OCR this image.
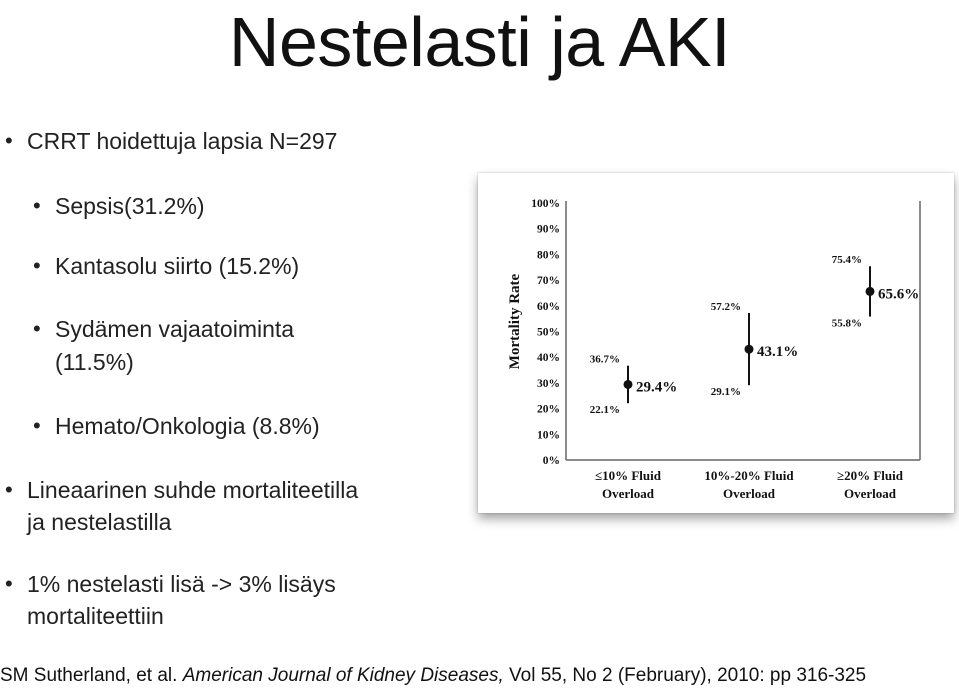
Nestelasti ja AKI
• CRRT hoidettuja lapsia N=297
• Sepsis(31.2%)
• Kantasolu siirto (15.2%)
• Sydämen vajaatoiminta
(11.5%)
• Hemato/Onkologia (8.8%)
• Lineaarinen suhde mortaliteetilla
ja nestelastilla
• 1% nestelasti lisä -> 3% lisäys
mortaliteettiin
0%
10%
20%
30%
40%
50%
60%
70%
80%
90%
100%
Mortality Rate
≤10% Fluid
Overload
10%-20% Fluid
Overload
≥20% Fluid
Overload
29.4%
36.7%
22.1%
43.1%
57.2%
29.1%
65.6%
75.4%
55.8%
SM Sutherland, et al. American Journal of Kidney Diseases, Vol 55, No 2 (February), 2010: pp 316-325
